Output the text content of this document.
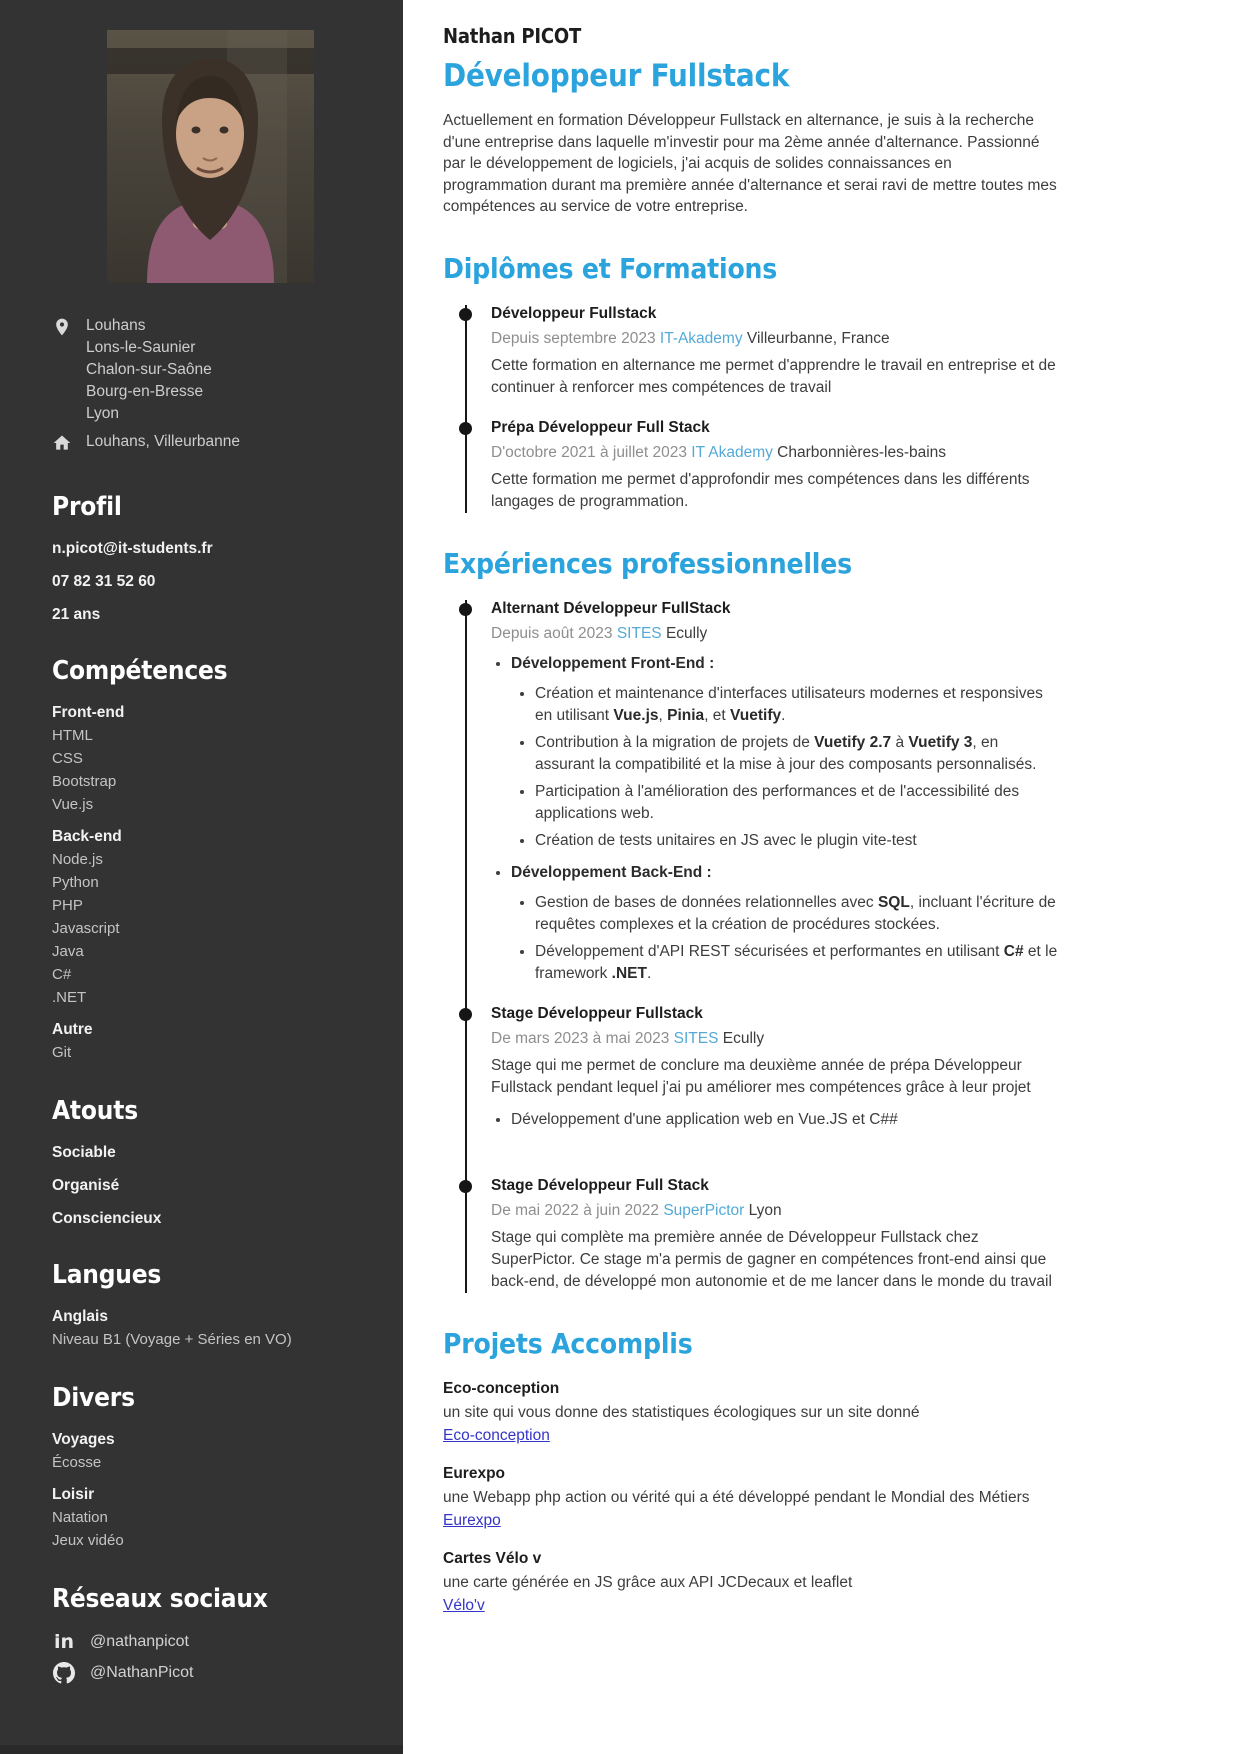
Louhans
Lons-le-Saunier
Chalon-sur-Saône
Bourg-en-Bresse
Lyon
Louhans, Villeurbanne
Profil
n.picot@it-students.fr
07 82 31 52 60
21 ans
Compétences
Front-end
HTML
CSS
Bootstrap
Vue.js
Back-end
Node.js
Python
PHP
Javascript
Java
C#
.NET
Autre
Git
Atouts
Sociable
Organisé
Consciencieux
Langues
Anglais
Niveau B1 (Voyage + Séries en VO)
Divers
Voyages
Écosse
Loisir
Natation
Jeux vidéo
Réseaux sociaux
in @nathanpicot
@NathanPicot

Nathan PICOT

Développeur Fullstack

Actuellement en formation Développeur Fullstack en alternance, je suis à la recherche d'une entreprise dans laquelle m'investir pour ma 2ème année d'alternance. Passionné par le développement de logiciels, j'ai acquis de solides connaissances en programmation durant ma première année d'alternance et serai ravi de mettre toutes mes compétences au service de votre entreprise.

Diplômes et Formations
Développeur Fullstack
Depuis septembre 2023 IT-Akademy Villeurbanne, France

Cette formation en alternance me permet d'apprendre le travail en entreprise et de continuer à renforcer mes compétences de travail

Prépa Développeur Full Stack
D'octobre 2021 à juillet 2023 IT Akademy Charbonnières-les-bains

Cette formation me permet d'approfondir mes compétences dans les différents langages de programmation.

Expériences professionnelles
Alternant Développeur FullStack
Depuis août 2023 SITES Ecully
• Développement Front-End :
• Création et maintenance d'interfaces utilisateurs modernes et responsives en utilisant Vue.js, Pinia, et Vuetify.
• Contribution à la migration de projets de Vuetify 2.7 à Vuetify 3, en assurant la compatibilité et la mise à jour des composants personnalisés.
• Participation à l'amélioration des performances et de l'accessibilité des applications web.
• Création de tests unitaires en JS avec le plugin vite-test
• Développement Back-End :
• Gestion de bases de données relationnelles avec SQL, incluant l'écriture de requêtes complexes et la création de procédures stockées.
• Développement d'API REST sécurisées et performantes en utilisant C# et le framework .NET.
Stage Développeur Fullstack
De mars 2023 à mai 2023 SITES Ecully

Stage qui me permet de conclure ma deuxième année de prépa Développeur Fullstack pendant lequel j'ai pu améliorer mes compétences grâce à leur projet

• Développement d'une application web en Vue.JS et C##
Stage Développeur Full Stack
De mai 2022 à juin 2022 SuperPictor Lyon

Stage qui complète ma première année de Développeur Fullstack chez SuperPictor. Ce stage m'a permis de gagner en compétences front-end ainsi que back-end, de développé mon autonomie et de me lancer dans le monde du travail

Projets Accomplis
Eco-conception

un site qui vous donne des statistiques écologiques sur un site donné

Eco-conception
Eurexpo

une Webapp php action ou vérité qui a été développé pendant le Mondial des Métiers

Eurexpo
Cartes Vélo v

une carte générée en JS grâce aux API JCDecaux et leaflet

Vélo'v
